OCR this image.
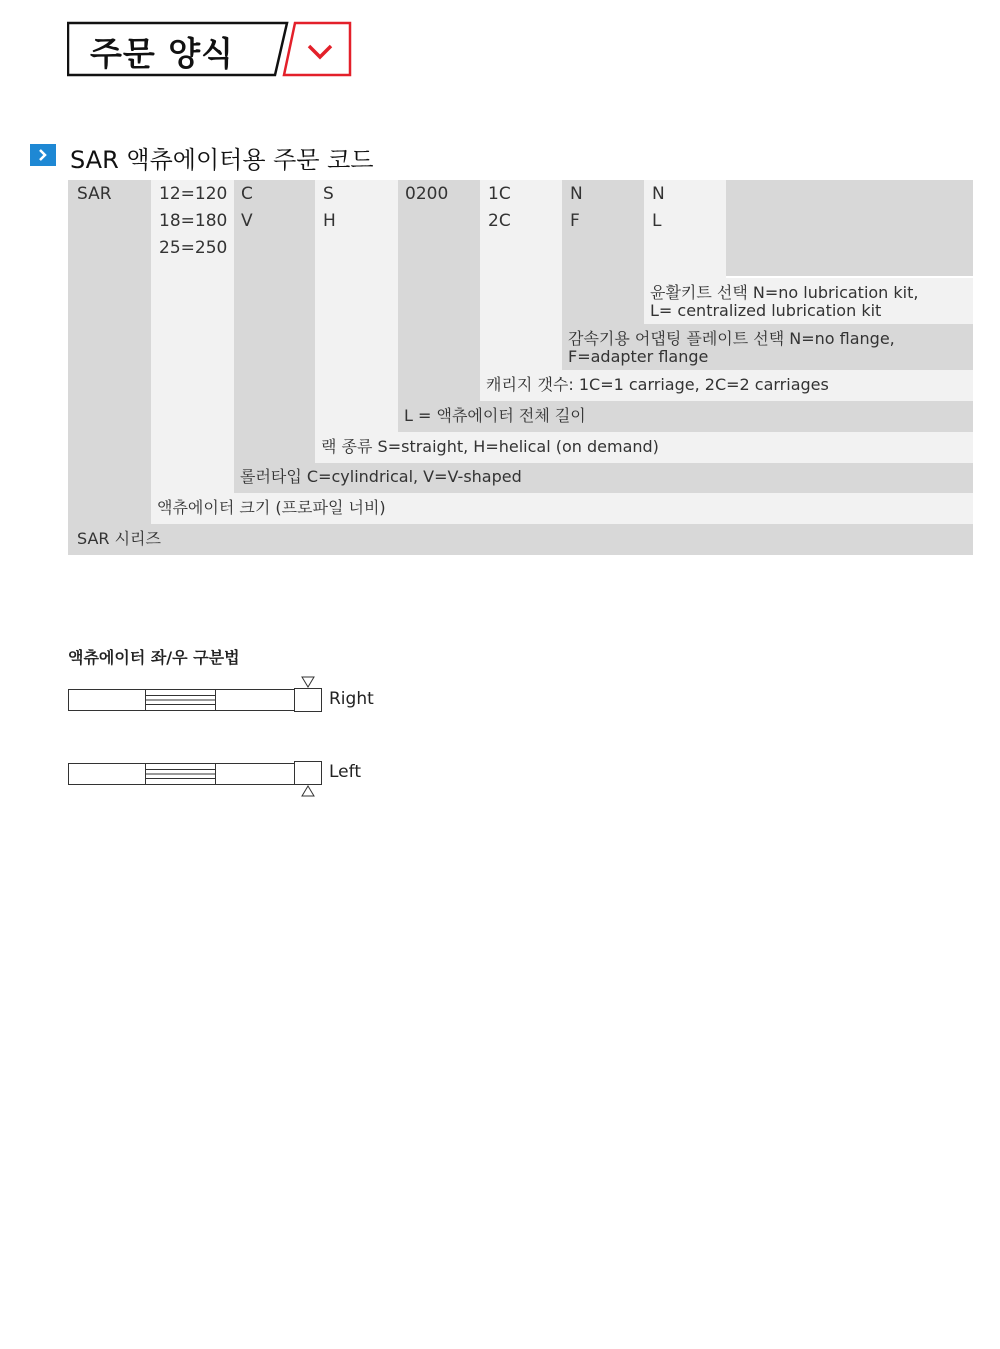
주문 양식
SAR 액츄에이터용 주문 코드
SAR	12=120
18=180
25=250
C
V
S
H
0200 1C
2C
N
F
N
L
윤활키트 선택 N=no lubrication kit,
L= centralized lubrication kit
감속기용 어댑팅 플레이트 선택 N=no flange,
F=adapter flange
캐리지 갯수: 1C=1 carriage, 2C=2 carriages
L = 액츄에이터 전체 길이
랙 종류 S=straight, H=helical (on demand)
롤러타입 C=cylindrical, V=V-shaped
액츄에이터 크기 (프로파일 너비)
SAR 시리즈
액츄에이터 좌/우 구분법
Right
Left
